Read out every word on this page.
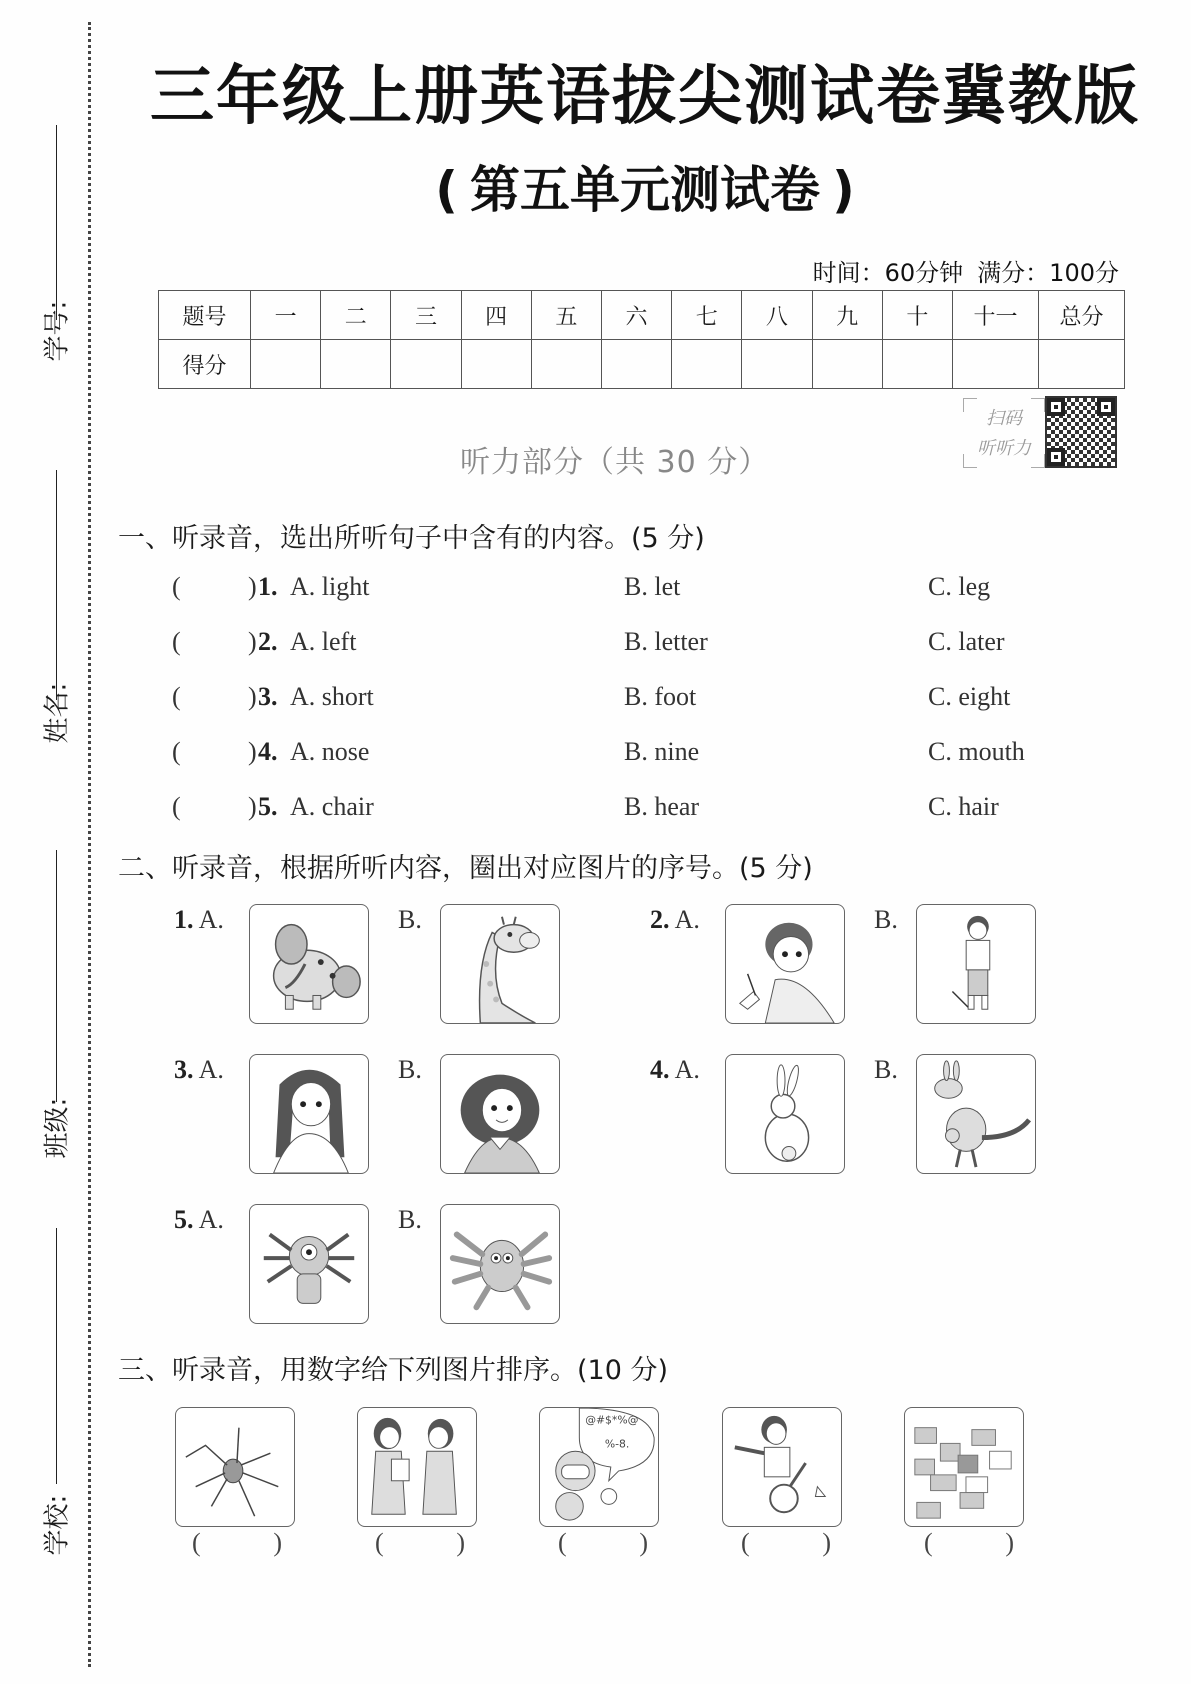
学号:
姓名:
班级:
学校:
三年级上册英语拔尖测试卷冀教版
( 第五单元测试卷 )
时间：60分钟 满分：100分
题号	一	二	三	四	五	六	七	八	九	十	十一	总分
得分												
听力部分（共 30 分）
扫码
听听力
一、听录音，选出所听句子中含有的内容。(5 分)
(	) 1. A. light	B. let	C. leg
(	) 2. A. left	B. letter	C. later
(	) 3. A. short	B. foot	C. eight
(	) 4. A. nose	B. nine	C. mouth
(	) 5. A. chair	B. hear	C. hair
二、听录音，根据所听内容，圈出对应图片的序号。(5 分)
1. A.	B.	2. A.	B.
3. A.	B.	4. A.	B.
5. A.	B.
三、听录音，用数字给下列图片排序。(10 分)
@#$*%@
%-8.
(	)	(	)	(	)	(	)	(	)
